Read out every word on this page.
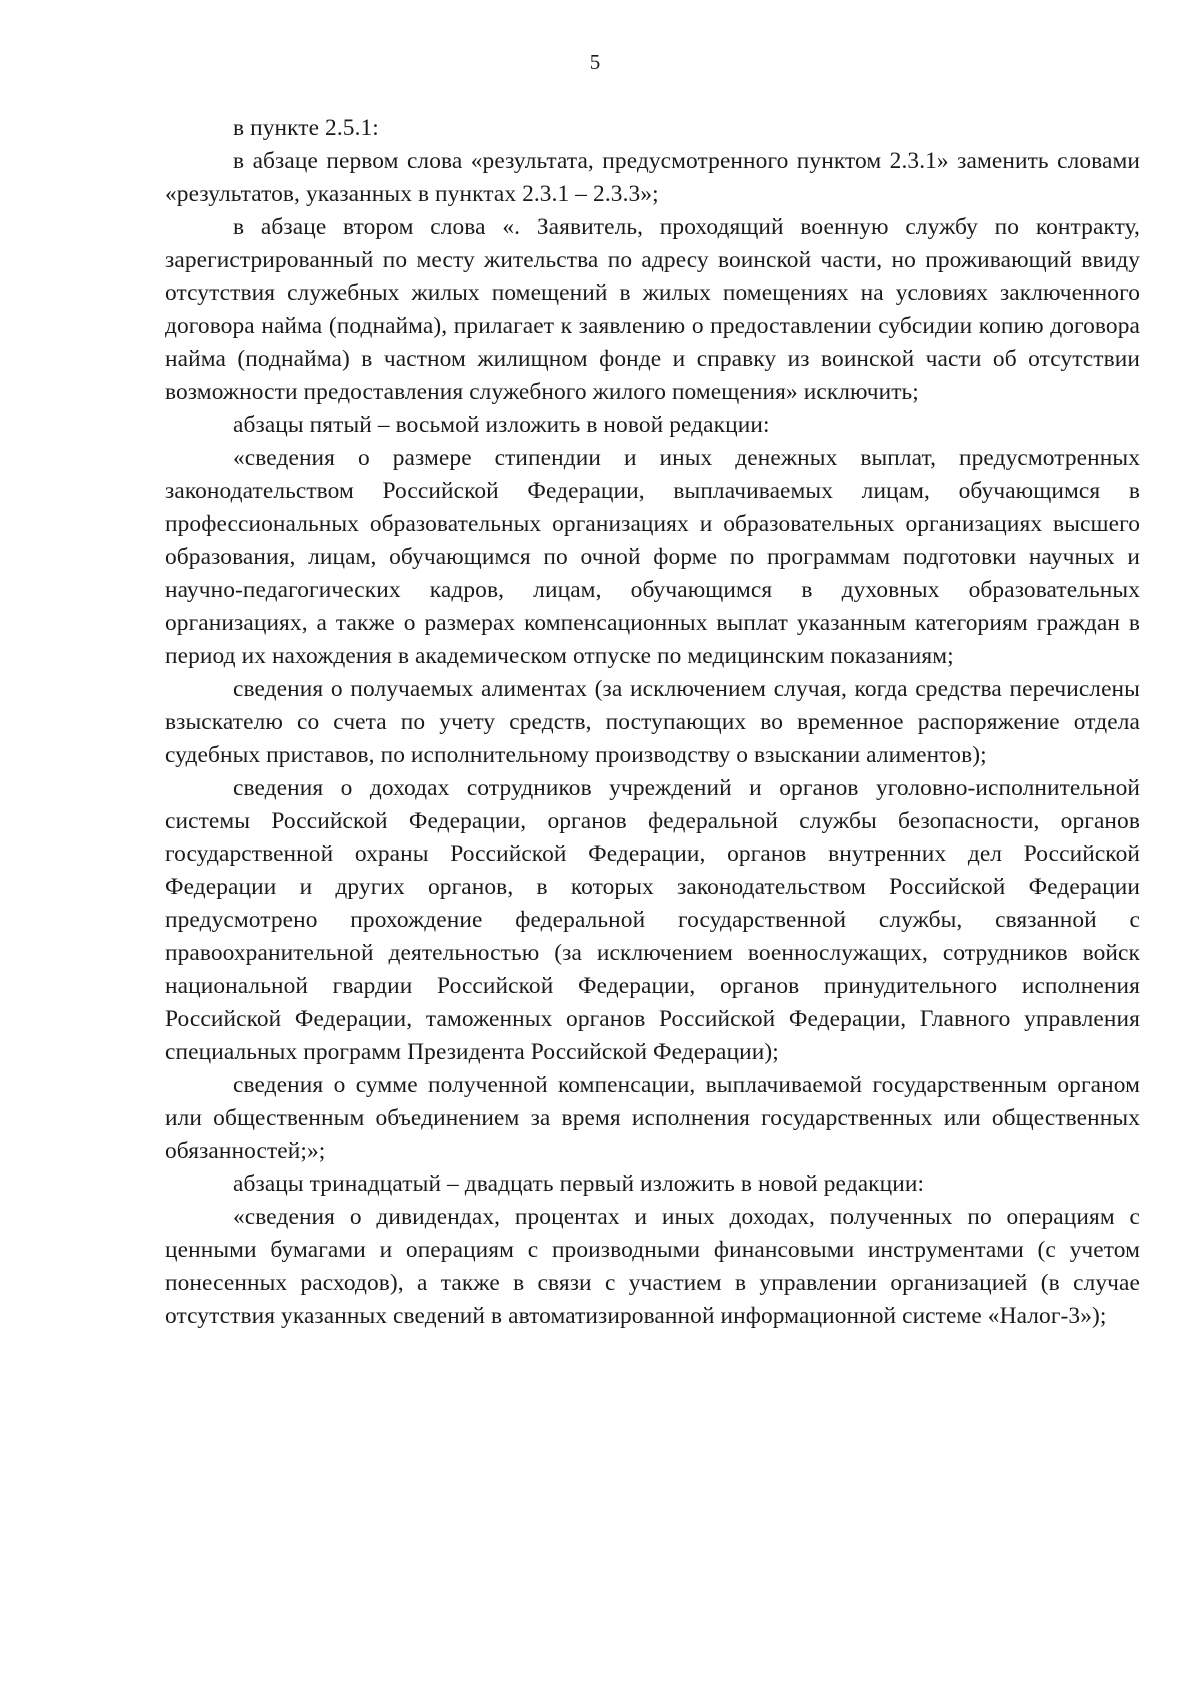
5

в пункте 2.5.1:

в абзаце первом слова «результата, предусмотренного пунктом 2.3.1» заменить словами «результатов, указанных в пунктах 2.3.1 – 2.3.3»;

в абзаце втором слова «. Заявитель, проходящий военную службу по контракту, зарегистрированный по месту жительства по адресу воинской части, но проживающий ввиду отсутствия служебных жилых помещений в жилых помещениях на условиях заключенного договора найма (поднайма), прилагает к заявлению о предоставлении субсидии копию договора найма (поднайма) в частном жилищном фонде и справку из воинской части об отсутствии возможности предоставления служебного жилого помещения» исключить;

абзацы пятый – восьмой изложить в новой редакции:

«сведения о размере стипендии и иных денежных выплат, предусмотренных законодательством Российской Федерации, выплачиваемых лицам, обучающимся в профессиональных образовательных организациях и образовательных организациях высшего образования, лицам, обучающимся по очной форме по программам подготовки научных и научно-педагогических кадров, лицам, обучающимся в духовных образовательных организациях, а также о размерах компенсационных выплат указанным категориям граждан в период их нахождения в академическом отпуске по медицинским показаниям;

сведения о получаемых алиментах (за исключением случая, когда средства перечислены взыскателю со счета по учету средств, поступающих во временное распоряжение отдела судебных приставов, по исполнительному производству о взыскании алиментов);

сведения о доходах сотрудников учреждений и органов уголовно-исполнительной системы Российской Федерации, органов федеральной службы безопасности, органов государственной охраны Российской Федерации, органов внутренних дел Российской Федерации и других органов, в которых законодательством Российской Федерации предусмотрено прохождение федеральной государственной службы, связанной с правоохранительной деятельностью (за исключением военнослужащих, сотрудников войск национальной гвардии Российской Федерации, органов принудительного исполнения Российской Федерации, таможенных органов Российской Федерации, Главного управления специальных программ Президента Российской Федерации);

сведения о сумме полученной компенсации, выплачиваемой государственным органом или общественным объединением за время исполнения государственных или общественных обязанностей;»;

абзацы тринадцатый – двадцать первый изложить в новой редакции:

«сведения о дивидендах, процентах и иных доходах, полученных по операциям с ценными бумагами и операциям с производными финансовыми инструментами (с учетом понесенных расходов), а также в связи с участием в управлении организацией (в случае отсутствия указанных сведений в автоматизированной информационной системе «Налог-3»);
